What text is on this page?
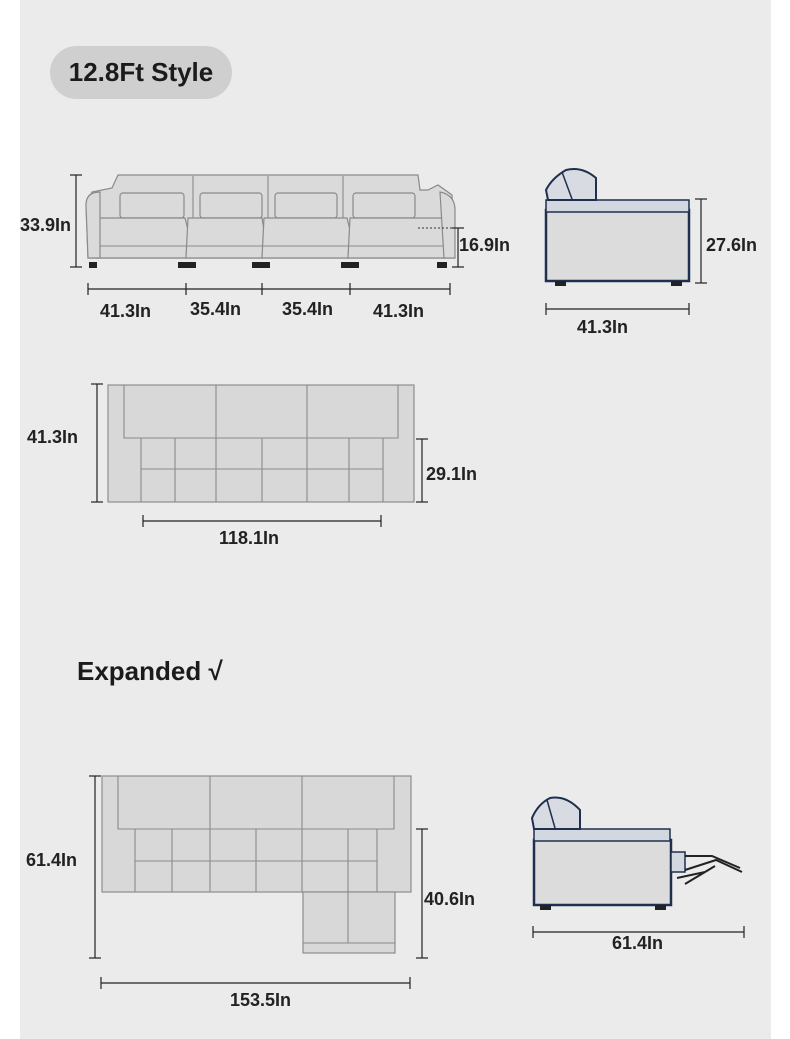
12.8Ft Style
Expanded √
33.9In
16.9In
41.3In 35.4In 35.4In 41.3In
27.6In
41.3In
41.3In
29.1In
118.1In
61.4In
40.6In
153.5In
61.4In
